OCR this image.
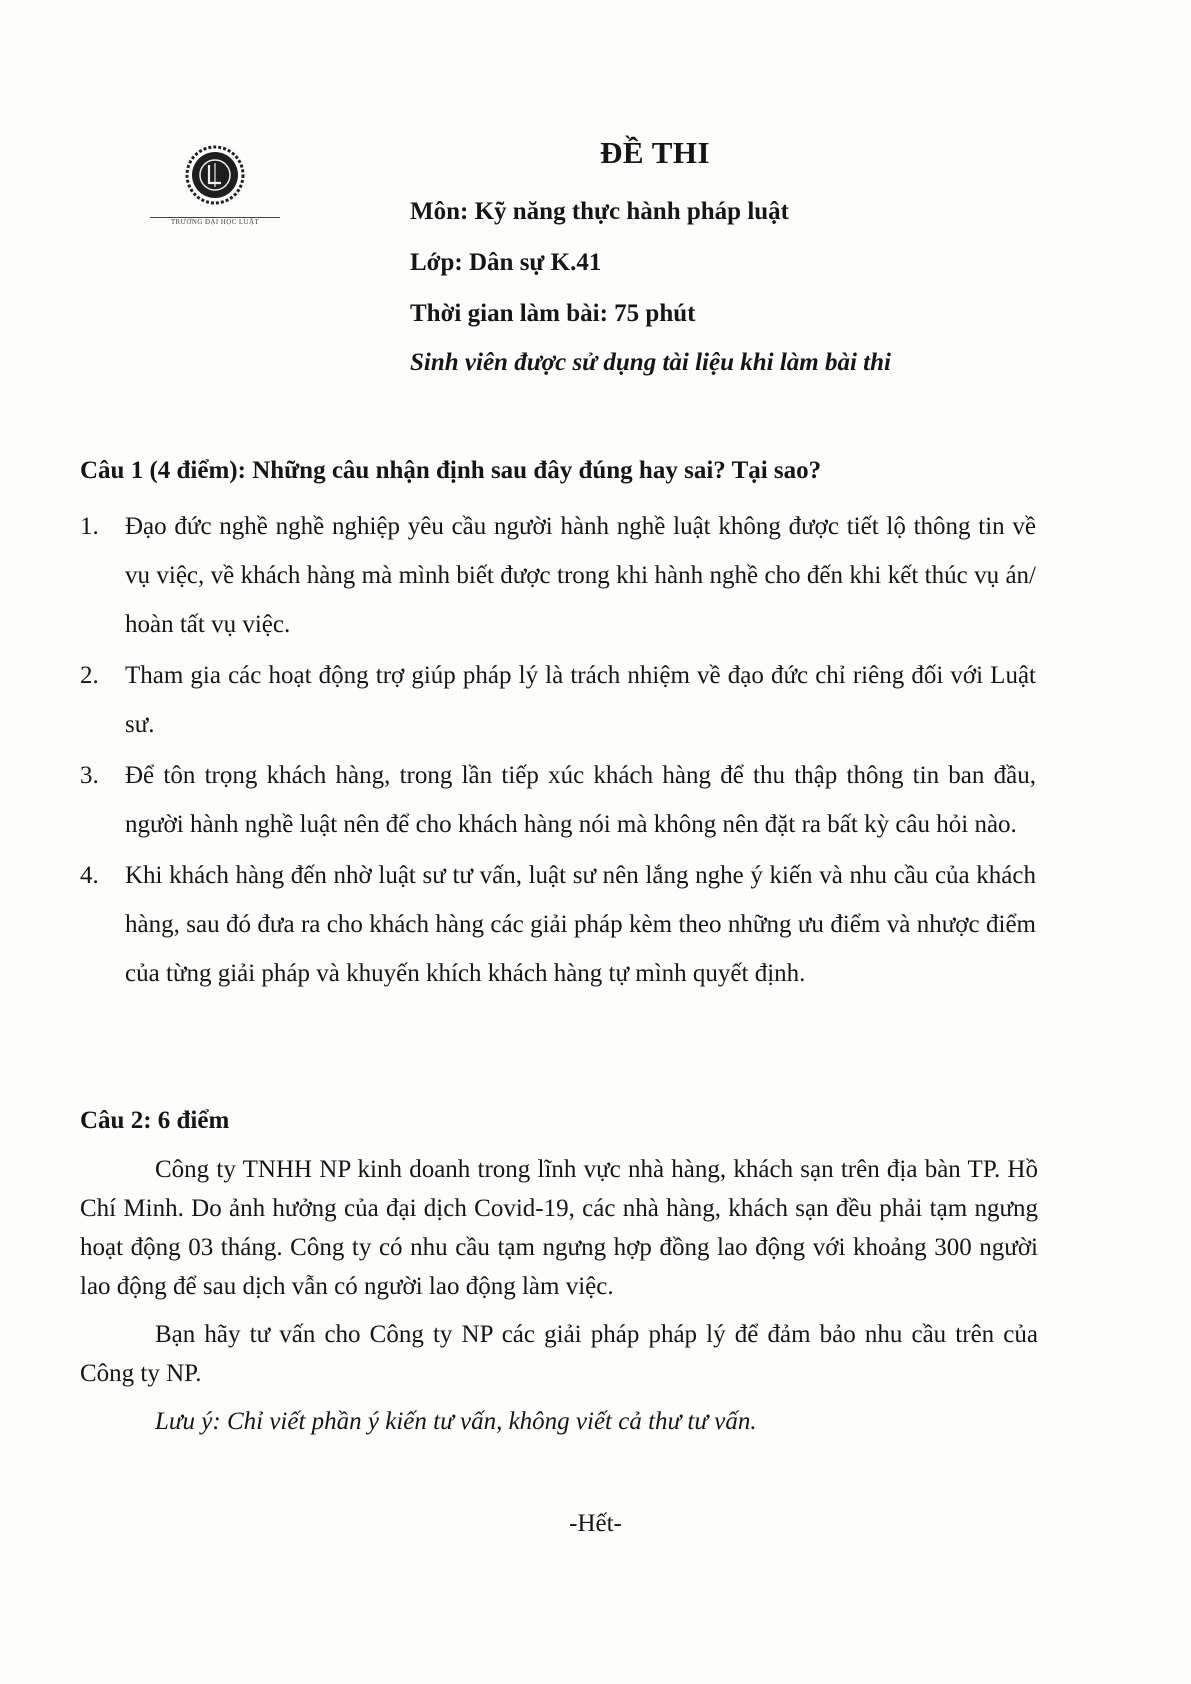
TRƯỜNG ĐẠI HỌC LUẬT
ĐỀ THI
Môn: Kỹ năng thực hành pháp luật
Lớp: Dân sự K.41
Thời gian làm bài: 75 phút
Sinh viên được sử dụng tài liệu khi làm bài thi
Câu 1 (4 điểm): Những câu nhận định sau đây đúng hay sai? Tại sao?
1.	Đạo đức nghề nghề nghiệp yêu cầu người hành nghề luật không được tiết lộ thông tin về vụ việc, về khách hàng mà mình biết được trong khi hành nghề cho đến khi kết thúc vụ án/ hoàn tất vụ việc.
2.	Tham gia các hoạt động trợ giúp pháp lý là trách nhiệm về đạo đức chỉ riêng đối với Luật sư.
3.	Để tôn trọng khách hàng, trong lần tiếp xúc khách hàng để thu thập thông tin ban đầu, người hành nghề luật nên để cho khách hàng nói mà không nên đặt ra bất kỳ câu hỏi nào.
4.	Khi khách hàng đến nhờ luật sư tư vấn, luật sư nên lắng nghe ý kiến và nhu cầu của khách hàng, sau đó đưa ra cho khách hàng các giải pháp kèm theo những ưu điểm và nhược điểm của từng giải pháp và khuyến khích khách hàng tự mình quyết định.
Câu 2: 6 điểm

Công ty TNHH NP kinh doanh trong lĩnh vực nhà hàng, khách sạn trên địa bàn TP. Hồ Chí Minh. Do ảnh hưởng của đại dịch Covid-19, các nhà hàng, khách sạn đều phải tạm ngưng hoạt động 03 tháng. Công ty có nhu cầu tạm ngưng hợp đồng lao động với khoảng 300 người lao động để sau dịch vẫn có người lao động làm việc.

Bạn hãy tư vấn cho Công ty NP các giải pháp pháp lý để đảm bảo nhu cầu trên của Công ty NP.

Lưu ý: Chỉ viết phần ý kiến tư vấn, không viết cả thư tư vấn.

-Hết-
